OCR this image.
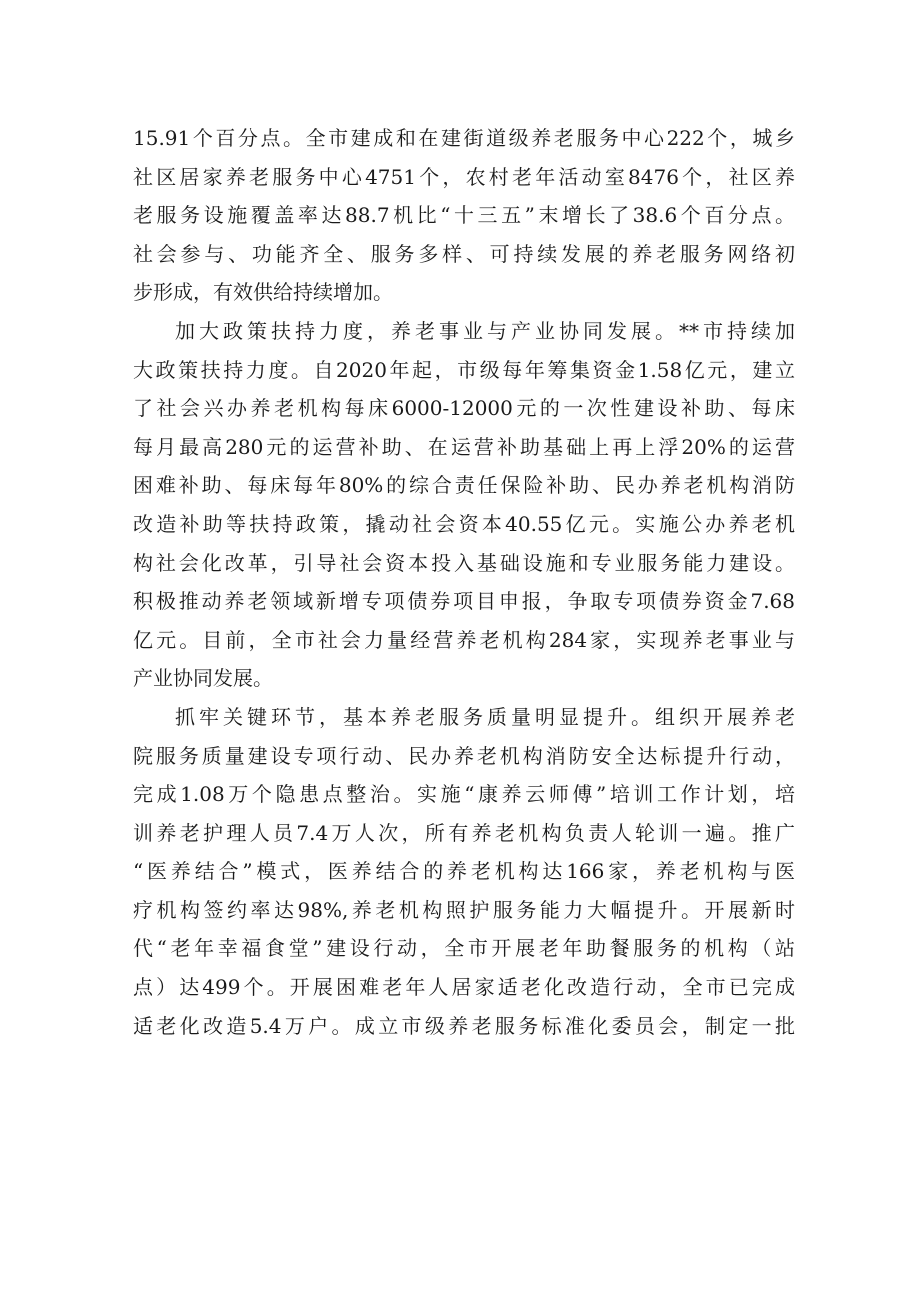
15.91个百分点。全市建成和在建街道级养老服务中心222个，城乡
社区居家养老服务中心4751个，农村老年活动室8476个，社区养
老服务设施覆盖率达88.7机比“十三五”末增长了38.6个百分点。
社会参与、功能齐全、服务多样、可持续发展的养老服务网络初
步形成，有效供给持续增加。
加大政策扶持力度，养老事业与产业协同发展。**市持续加
大政策扶持力度。自2020年起，市级每年筹集资金1.58亿元，建立
了社会兴办养老机构每床6000-12000元的一次性建设补助、每床
每月最高280元的运营补助、在运营补助基础上再上浮20%的运营
困难补助、每床每年80%的综合责任保险补助、民办养老机构消防
改造补助等扶持政策，撬动社会资本40.55亿元。实施公办养老机
构社会化改革，引导社会资本投入基础设施和专业服务能力建设。
积极推动养老领域新增专项债券项目申报，争取专项债券资金7.68
亿元。目前，全市社会力量经营养老机构284家，实现养老事业与
产业协同发展。
抓牢关键环节，基本养老服务质量明显提升。组织开展养老
院服务质量建设专项行动、民办养老机构消防安全达标提升行动，
完成1.08万个隐患点整治。实施“康养云师傅”培训工作计划，培
训养老护理人员7.4万人次，所有养老机构负责人轮训一遍。推广
“医养结合”模式，医养结合的养老机构达166家，养老机构与医
疗机构签约率达98%,养老机构照护服务能力大幅提升。开展新时
代“老年幸福食堂”建设行动，全市开展老年助餐服务的机构（站
点）达499个。开展困难老年人居家适老化改造行动，全市已完成
适老化改造5.4万户。成立市级养老服务标准化委员会，制定一批
